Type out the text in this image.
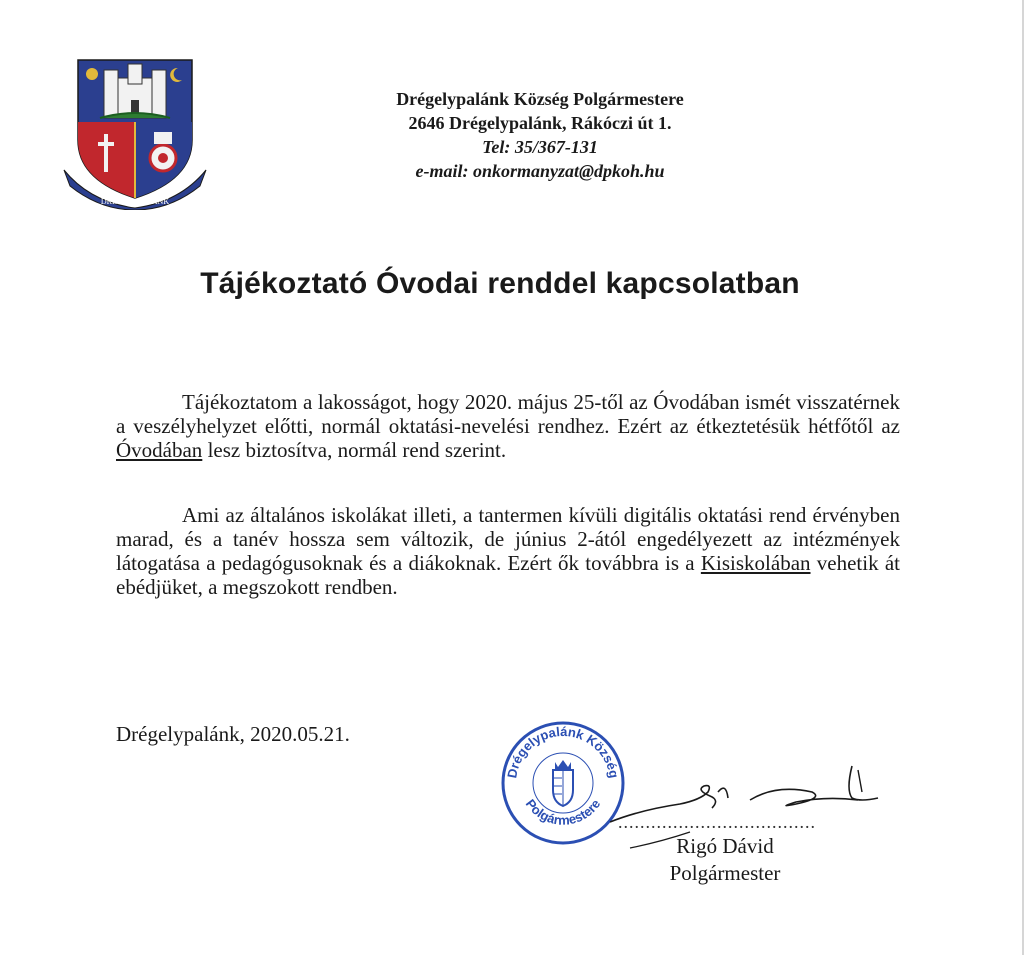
DRÉGELYPALÁNK
1274	2001
Drégelypalánk Község Polgármestere
2646 Drégelypalánk, Rákóczi út 1.
Tel: 35/367-131
e-mail: onkormanyzat@dpkoh.hu
Tájékoztató Óvodai renddel kapcsolatban
Tájékoztatom a lakosságot, hogy 2020. május 25-től az Óvodában ismét visszatérnek a veszélyhelyzet előtti, normál oktatási-nevelési rendhez. Ezért az étkeztetésük hétfőtől az Óvodában lesz biztosítva, normál rend szerint.
Ami az általános iskolákat illeti, a tantermen kívüli digitális oktatási rend érvényben marad, és a tanév hossza sem változik, de június 2-ától engedélyezett az intézmények látogatása a pedagógusoknak és a diákoknak. Ezért ők továbbra is a Kisiskolában vehetik át ebédjüket, a megszokott rendben.
Drégelypalánk, 2020.05.21.
Drégelypalánk Község
Polgármestere
....................................
Rigó Dávid
Polgármester
